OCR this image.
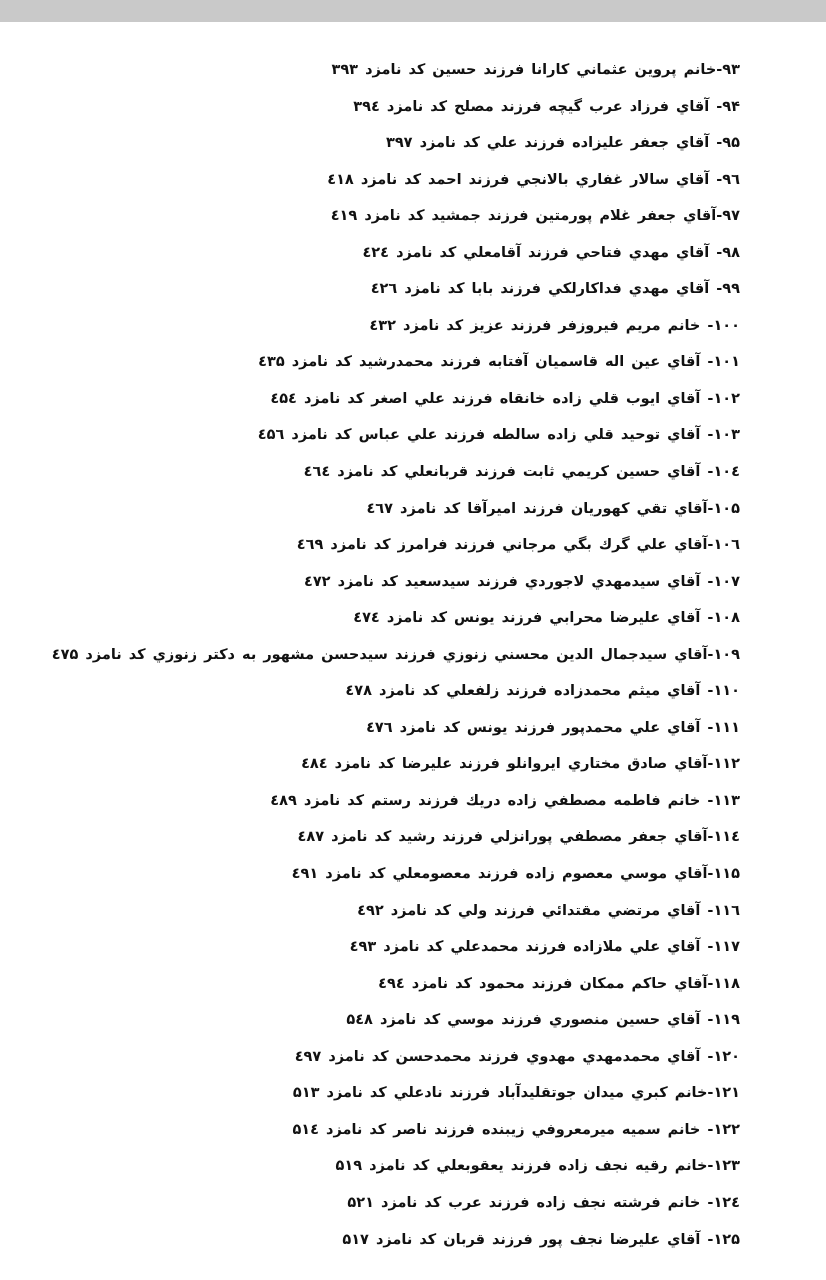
۹۳-خانم پروين عثماني كارانا فرزند حسين كد نامزد ۳۹۳
۹۴- آقاي فرزاد عرب گيچه فرزند مصلح كد نامزد ۳۹٤
۹۵- آقاي جعفر عليزاده فرزند علي كد نامزد ۳۹۷
۹٦- آقاي سالار غفاري بالانجي فرزند احمد كد نامزد ٤۱۸
۹۷-آقاي جعفر غلام پورمتين فرزند جمشيد كد نامزد ٤۱۹
۹۸- آقاي مهدي فتاحي فرزند آقامعلي كد نامزد ٤۲٤
۹۹- آقاي مهدي فداكارلكي فرزند بابا كد نامزد ٤۲٦
۱۰۰- خانم مريم فيروزفر فرزند عزيز كد نامزد ٤۳۲
۱۰۱- آقاي عين اله قاسميان آفتابه فرزند محمدرشيد كد نامزد ٤۳۵
۱۰۲- آقاي ايوب قلي زاده خانقاه فرزند علي اصغر كد نامزد ٤۵٤
۱۰۳- آقاي توحيد قلي زاده سالطه فرزند علي عباس كد نامزد ٤۵٦
۱۰٤- آقاي حسين كريمي ثابت فرزند قربانعلي كد نامزد ٤٦٤
۱۰۵-آقاي تقي كهوريان فرزند اميرآقا كد نامزد ٤٦۷
۱۰٦-آقاي علي گرك بگي مرجاني فرزند فرامرز كد نامزد ٤٦۹
۱۰۷- آقاي سيدمهدي لاجوردي فرزند سيدسعيد كد نامزد ٤۷۲
۱۰۸- آقاي عليرضا محرابي فرزند يونس كد نامزد ٤۷٤
۱۰۹-آقاي سيدجمال الدين محسني زنوزي فرزند سيدحسن مشهور به دكتر زنوزي كد نامزد ٤۷۵
۱۱۰- آقاي ميثم محمدزاده فرزند زلفعلي كد نامزد ٤۷۸
۱۱۱- آقاي علي محمدپور فرزند يونس كد نامزد ٤۷٦
۱۱۲-آقاي صادق مختاري ايروانلو فرزند عليرضا كد نامزد ٤۸٤
۱۱۳- خانم فاطمه مصطفي زاده دريك فرزند رستم كد نامزد ٤۸۹
۱۱٤-آقاي جعفر مصطفي پورانزلي فرزند رشيد كد نامزد ٤۸۷
۱۱۵-آقاي موسي معصوم زاده فرزند معصومعلي كد نامزد ٤۹۱
۱۱٦- آقاي مرتضي مقتدائي فرزند ولي كد نامزد ٤۹۲
۱۱۷- آقاي علي ملازاده فرزند محمدعلي كد نامزد ٤۹۳
۱۱۸-آقاي حاكم ممكان فرزند محمود كد نامزد ٤۹٤
۱۱۹- آقاي حسين منصوري فرزند موسي كد نامزد ۵٤۸
۱۲۰- آقاي محمدمهدي مهدوي فرزند محمدحسن كد نامزد ٤۹۷
۱۲۱-خانم كبري ميدان جوتقليدآباد فرزند نادعلي كد نامزد ۵۱۳
۱۲۲- خانم سميه ميرمعروفي زيبنده فرزند ناصر كد نامزد ۵۱٤
۱۲۳-خانم رقيه نجف زاده فرزند يعقوبعلي كد نامزد ۵۱۹
۱۲٤- خانم فرشته نجف زاده فرزند عرب كد نامزد ۵۲۱
۱۲۵- آقاي عليرضا نجف پور فرزند قربان كد نامزد ۵۱۷
